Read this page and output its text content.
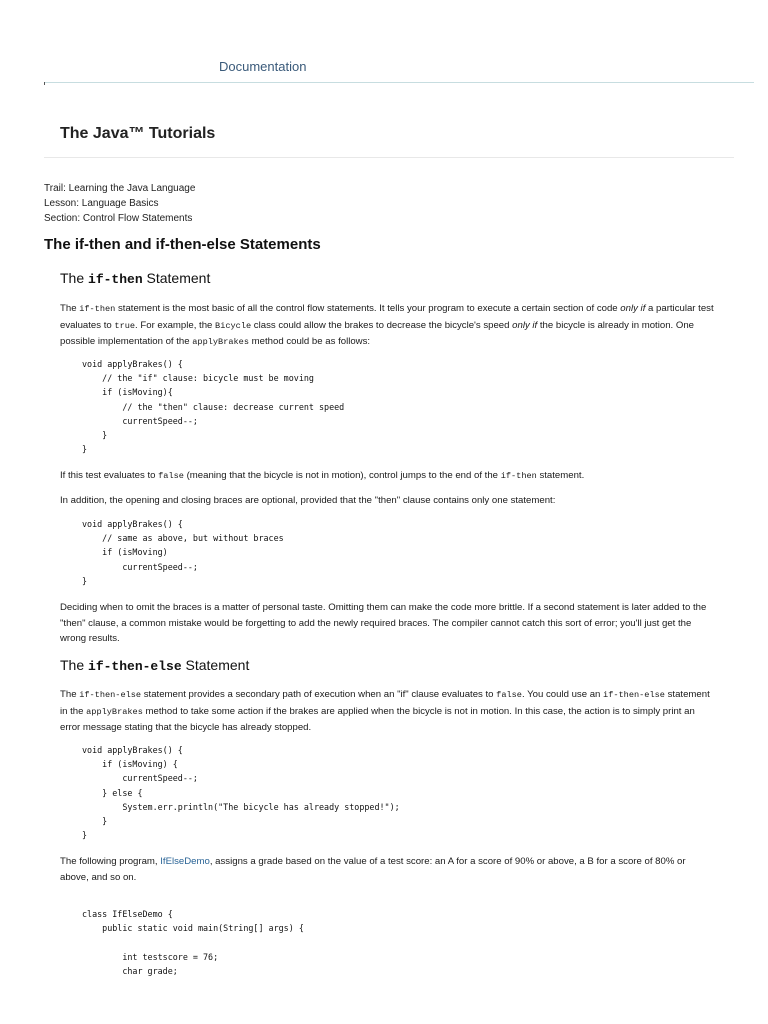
Documentation
The Java™ Tutorials
Trail: Learning the Java Language
Lesson: Language Basics
Section: Control Flow Statements
The if-then and if-then-else Statements
The if-then Statement

The if-then statement is the most basic of all the control flow statements. It tells your program to execute a certain section of code only if a particular test evaluates to true. For example, the Bicycle class could allow the brakes to decrease the bicycle's speed only if the bicycle is already in motion. One possible implementation of the applyBrakes method could be as follows:

void applyBrakes() {
// the "if" clause: bicycle must be moving
if (isMoving){
// the "then" clause: decrease current speed
currentSpeed--;
}
}

If this test evaluates to false (meaning that the bicycle is not in motion), control jumps to the end of the if-then statement.

In addition, the opening and closing braces are optional, provided that the "then" clause contains only one statement:

void applyBrakes() {
// same as above, but without braces
if (isMoving)
currentSpeed--;
}

Deciding when to omit the braces is a matter of personal taste. Omitting them can make the code more brittle. If a second statement is later added to the "then" clause, a common mistake would be forgetting to add the newly required braces. The compiler cannot catch this sort of error; you'll just get the wrong results.

The if-then-else Statement

The if-then-else statement provides a secondary path of execution when an "if" clause evaluates to false. You could use an if-then-else statement in the applyBrakes method to take some action if the brakes are applied when the bicycle is not in motion. In this case, the action is to simply print an error message stating that the bicycle has already stopped.

void applyBrakes() {
if (isMoving) {
currentSpeed--;
} else {
System.err.println("The bicycle has already stopped!");
}
}

The following program, IfElseDemo, assigns a grade based on the value of a test score: an A for a score of 90% or above, a B for a score of 80% or above, and so on.

class IfElseDemo {
public static void main(String[] args) {

int testscore = 76;
char grade;
